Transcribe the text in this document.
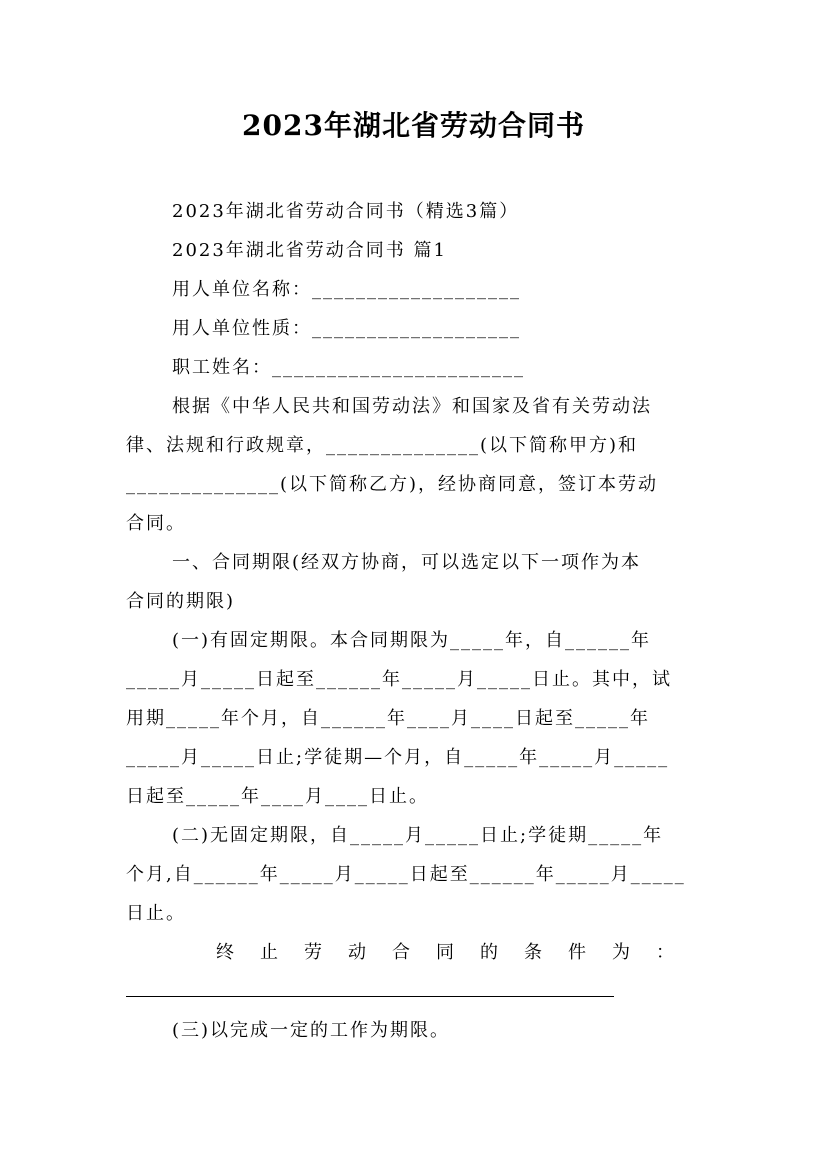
2023年湖北省劳动合同书
2023年湖北省劳动合同书（精选3篇）
2023年湖北省劳动合同书 篇1
用人单位名称：___________________
用人单位性质：___________________
职工姓名：_______________________
根据《中华人民共和国劳动法》和国家及省有关劳动法
律、法规和行政规章，______________(以下简称甲方)和
______________(以下简称乙方)，经协商同意，签订本劳动
合同。
一、合同期限(经双方协商，可以选定以下一项作为本
合同的期限)
(一)有固定期限。本合同期限为_____年，自______年
_____月_____日起至______年_____月_____日止。其中，试
用期_____年个月，自______年____月____日起至_____年
_____月_____日止;学徒期—个月，自_____年_____月_____
日起至_____年____月____日止。
(二)无固定期限，自_____月_____日止;学徒期_____年
个月,自______年_____月_____日起至______年_____月_____
日止。
终止劳动合同的条件为：
(三)以完成一定的工作为期限。
